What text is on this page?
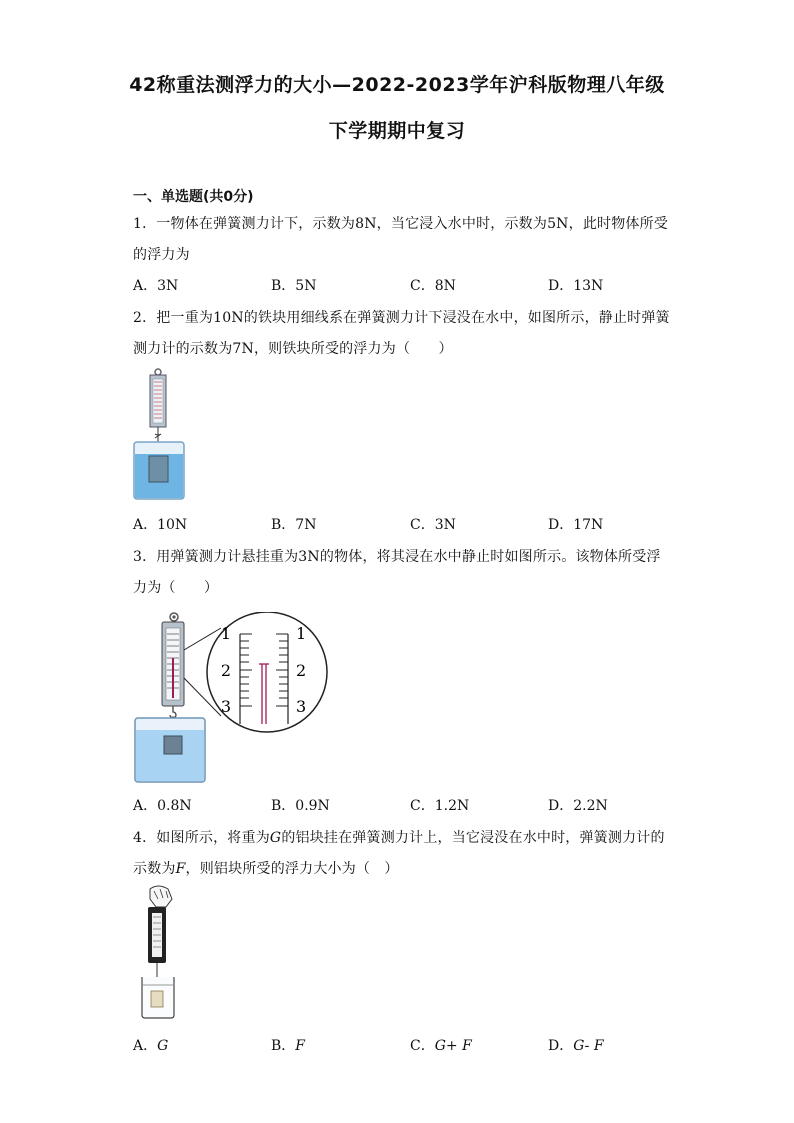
42称重法测浮力的大小—2022-2023学年沪科版物理八年级
下学期期中复习
一、单选题(共0分)
1．一物体在弹簧测力计下，示数为8N，当它浸入水中时，示数为5N，此时物体所受
的浮力为
A．3N	B．5N	C．8N	D．13N
2．把一重为10N的铁块用细线系在弹簧测力计下浸没在水中，如图所示，静止时弹簧
测力计的示数为7N，则铁块所受的浮力为（　　）
A．10N	B．7N	C．3N	D．17N
3．用弹簧测力计悬挂重为3N的物体，将其浸在水中静止时如图所示。该物体所受浮
力为（　　）
1
2
3
1
2
3
A．0.8N	B．0.9N	C．1.2N	D．2.2N
4．如图所示，将重为G的铝块挂在弹簧测力计上，当它浸没在水中时，弹簧测力计的
示数为F，则铝块所受的浮力大小为（　）
A．G	B．F	C．G+ F	D．G- F
